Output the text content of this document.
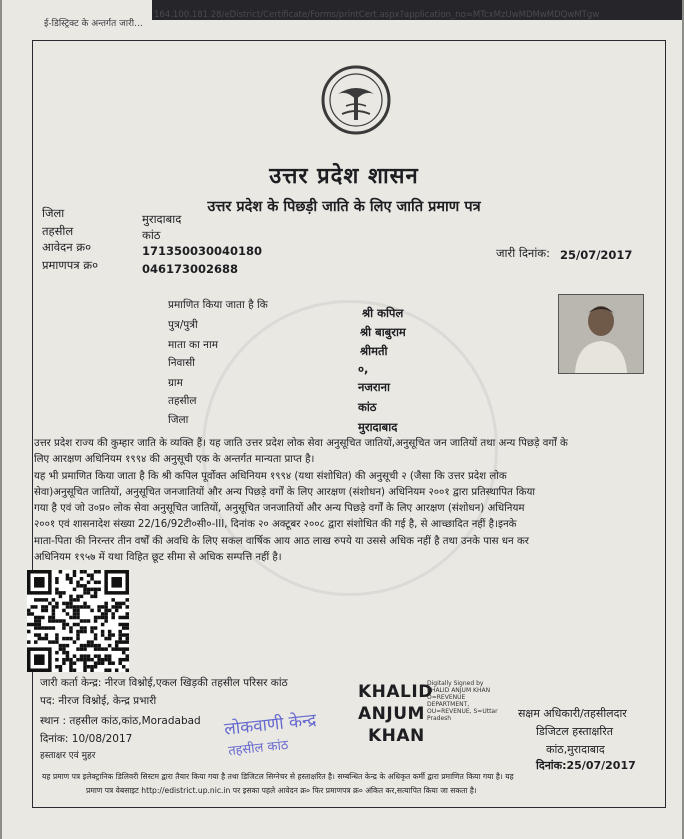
ई-डिस्ट्रिक्ट के अन्तर्गत जारी...
164.100.181.28/eDistrict/Certificate/Forms/printCert.aspx?application_no=MTcxMzUwMDMwMDQwMTgw
उत्तर प्रदेश शासन
उत्तर प्रदेश के पिछड़ी जाति के लिए जाति प्रमाण पत्र
जिला	मुरादाबाद
तहसील	कांठ
आवेदन क्र०	171350030040180
प्रमाणपत्र क्र०	046173002688
जारी दिनांक: 25/07/2017
प्रमाणित किया जाता है कि
श्री कपिल
पुत्र/पुत्री	श्री बाबुराम
माता का नाम	श्रीमती
निवासी	०,
ग्राम	नजराना
तहसील	कांठ
जिला	मुरादाबाद
उत्तर प्रदेश राज्य की कुम्हार जाति के व्यक्ति हैं। यह जाति उत्तर प्रदेश लोक सेवा अनुसूचित जातियों,अनुसूचित जन जातियों तथा अन्य पिछड़े वर्गों के
लिए आरक्षण अधिनियम १९९४ की अनुसूची एक के अन्तर्गत मान्यता प्राप्त है।
यह भी प्रमाणित किया जाता है कि श्री कपिल पूर्वोक्त अधिनियम १९९४ (यथा संशोधित) की अनुसूची २ (जैसा कि उत्तर प्रदेश लोक
सेवा)अनुसूचित जातियों, अनुसूचित जनजातियों और अन्य पिछड़े वर्गों के लिए आरक्षण (संशोधन) अधिनियम २००१ द्वारा प्रतिस्थापित किया
गया है एवं जो उ०प्र० लोक सेवा अनुसूचित जातियों, अनुसूचित जनजातियों और अन्य पिछड़े वर्गों के लिए आरक्षण (संशोधन) अधिनियम
२००१ एवं शासनादेश संख्या 22/16/92टी०सी०-III, दिनांक २० अक्टूबर २००८ द्वारा संशोधित की गई है, से आच्छादित नहीं है।इनके
माता-पिता की निरन्तर तीन वर्षों की अवधि के लिए सकल वार्षिक आय आठ लाख रुपये या उससे अधिक नहीं है तथा उनके पास धन कर
अधिनियम १९५७ में यथा विहित छूट सीमा से अधिक सम्पत्ति नहीं है।
जारी कर्ता केन्द्र: नीरज विश्नोई,एकल खिड़की तहसील परिसर कांठ
पद: नीरज विश्नोई, केन्द्र प्रभारी
स्थान : तहसील कांठ,कांठ,Moradabad
दिनांक: 10/08/2017
हस्ताक्षर एवं मुहर
लोकवाणी केन्द्र
तहसील कांठ
KHALID
ANJUM
KHAN
Digitally Signed by
KHALID ANJUM KHAN
O=REVENUE
DEPARTMENT,
OU=REVENUE, S=Uttar
Pradesh	सक्षम अधिकारी/तहसीलदार
डिजिटल हस्ताक्षरित
कांठ,मुरादाबाद
दिनांक:25/07/2017
यह प्रमाण पत्र इलेक्ट्रानिक डिलिवरी सिस्टम द्वारा तैयार किया गया है तथा डिजिटल सिग्नेचर से हस्ताक्षरित है। सम्बन्धित केन्द्र के अधिकृत कर्मी द्वारा प्रमाणित किया गया है। यह
प्रमाण पत्र वेबसाइट http://edistrict.up.nic.in पर इसका पहले आवेदन क्र० फिर प्रमाणपत्र क्र० अंकित कर,सत्यापित किया जा सकता है।
